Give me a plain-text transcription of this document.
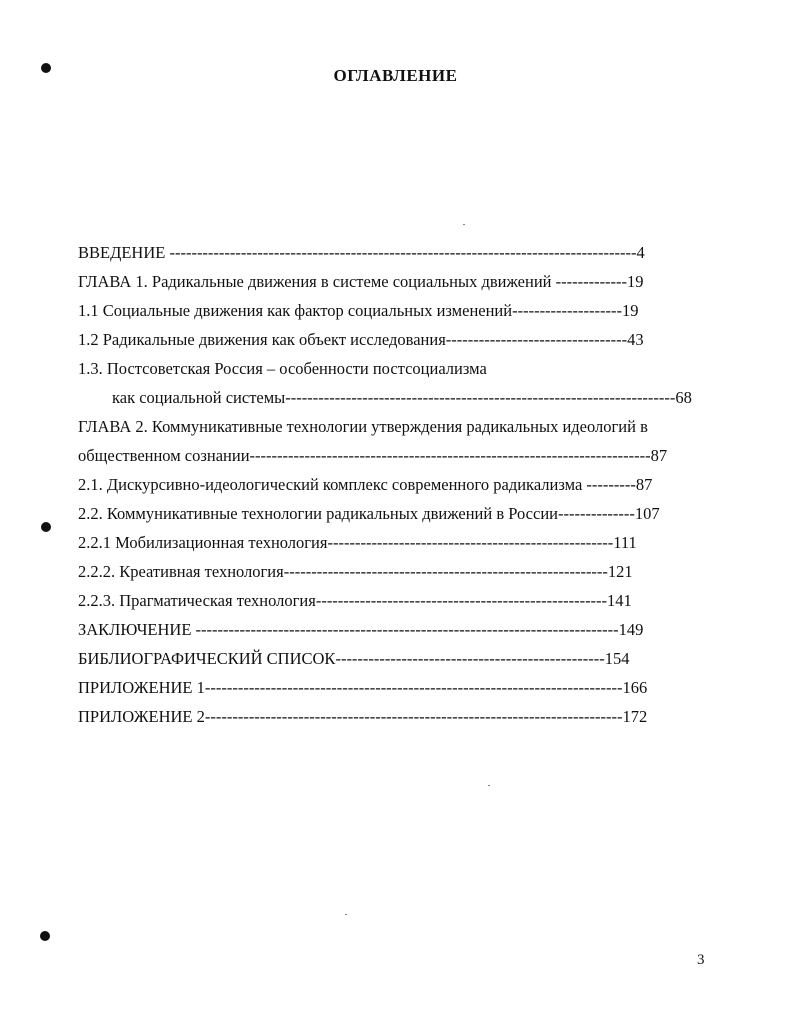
ОГЛАВЛЕНИЕ
ВВЕДЕНИЕ -------------------------------------------------------------------------------------4
ГЛАВА 1. Радикальные движения в системе социальных движений -------------19
1.1 Социальные движения как фактор социальных изменений--------------------19
1.2 Радикальные движения как объект исследования---------------------------------43
1.3. Постсоветская Россия – особенности постсоциализма
как социальной системы-----------------------------------------------------------------------68
ГЛАВА 2. Коммуникативные технологии утверждения радикальных идеологий в
общественном сознании-------------------------------------------------------------------------87
2.1. Дискурсивно-идеологический комплекс современного радикализма ---------87
2.2. Коммуникативные технологии радикальных движений в России--------------107
2.2.1 Мобилизационная технология----------------------------------------------------111
2.2.2. Креативная технология-----------------------------------------------------------121
2.2.3. Прагматическая технология-----------------------------------------------------141
ЗАКЛЮЧЕНИЕ -----------------------------------------------------------------------------149
БИБЛИОГРАФИЧЕСКИЙ СПИСОК-------------------------------------------------154
ПРИЛОЖЕНИЕ 1----------------------------------------------------------------------------166
ПРИЛОЖЕНИЕ 2----------------------------------------------------------------------------172
3
